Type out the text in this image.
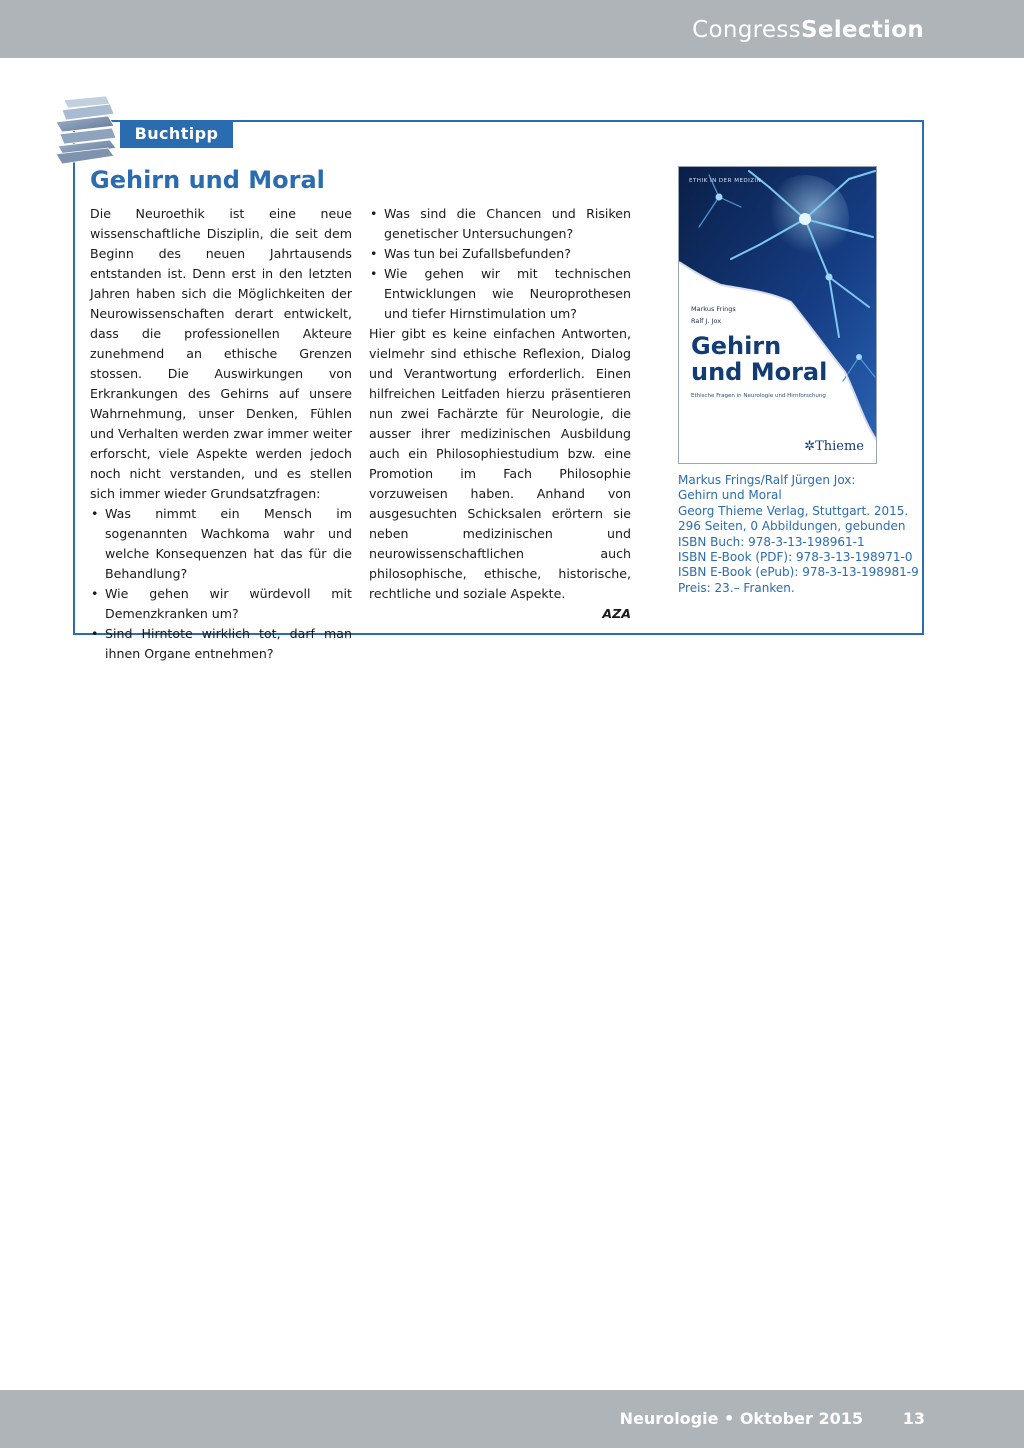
CongressSelection
Buchtipp
Gehirn und Moral

Die Neuroethik ist eine neue wissenschaftliche Disziplin, die seit dem Beginn des neuen Jahrtausends entstanden ist. Denn erst in den letzten Jahren haben sich die Möglichkeiten der Neurowissenschaften derart entwickelt, dass die professionellen Akteure zunehmend an ethische Grenzen stossen. Die Auswirkungen von Erkrankungen des Gehirns auf unsere Wahrnehmung, unser Denken, Fühlen und Verhalten werden zwar immer weiter erforscht, viele Aspekte werden jedoch noch nicht verstanden, und es stellen sich immer wieder Grundsatzfragen:

• Was nimmt ein Mensch im sogenannten Wachkoma wahr und welche Konsequenzen hat das für die Behandlung?
• Wie gehen wir würdevoll mit Demenzkranken um?
• Sind Hirntote wirklich tot, darf man ihnen Organe entnehmen?
• Was sind die Chancen und Risiken genetischer Untersuchungen?
• Was tun bei Zufallsbefunden?
• Wie gehen wir mit technischen Entwicklungen wie Neuroprothesen und tiefer Hirnstimulation um?

Hier gibt es keine einfachen Antworten, vielmehr sind ethische Reflexion, Dialog und Verantwortung erforderlich. Einen hilfreichen Leitfaden hierzu präsentieren nun zwei Fachärzte für Neurologie, die ausser ihrer medizinischen Ausbildung auch ein Philosophiestudium bzw. eine Promotion im Fach Philosophie vorzuweisen haben. Anhand von ausgesuchten Schicksalen erörtern sie neben medizinischen und neurowissenschaftlichen auch philosophische, ethische, historische, rechtliche und soziale Aspekte.

AZA

ETHIK IN DER MEDIZIN
Markus Frings
Ralf J. Jox
Gehirn
und Moral
Ethische Fragen in Neurologie und Hirnforschung
✲Thieme
Markus Frings/Ralf Jürgen Jox:
Gehirn und Moral
Georg Thieme Verlag, Stuttgart. 2015.
296 Seiten, 0 Abbildungen, gebunden
ISBN Buch: 978-3-13-198961-1
ISBN E-Book (PDF): 978-3-13-198971-0
ISBN E-Book (ePub): 978-3-13-198981-9
Preis: 23.– Franken.
Neurologie • Oktober 2015 13
